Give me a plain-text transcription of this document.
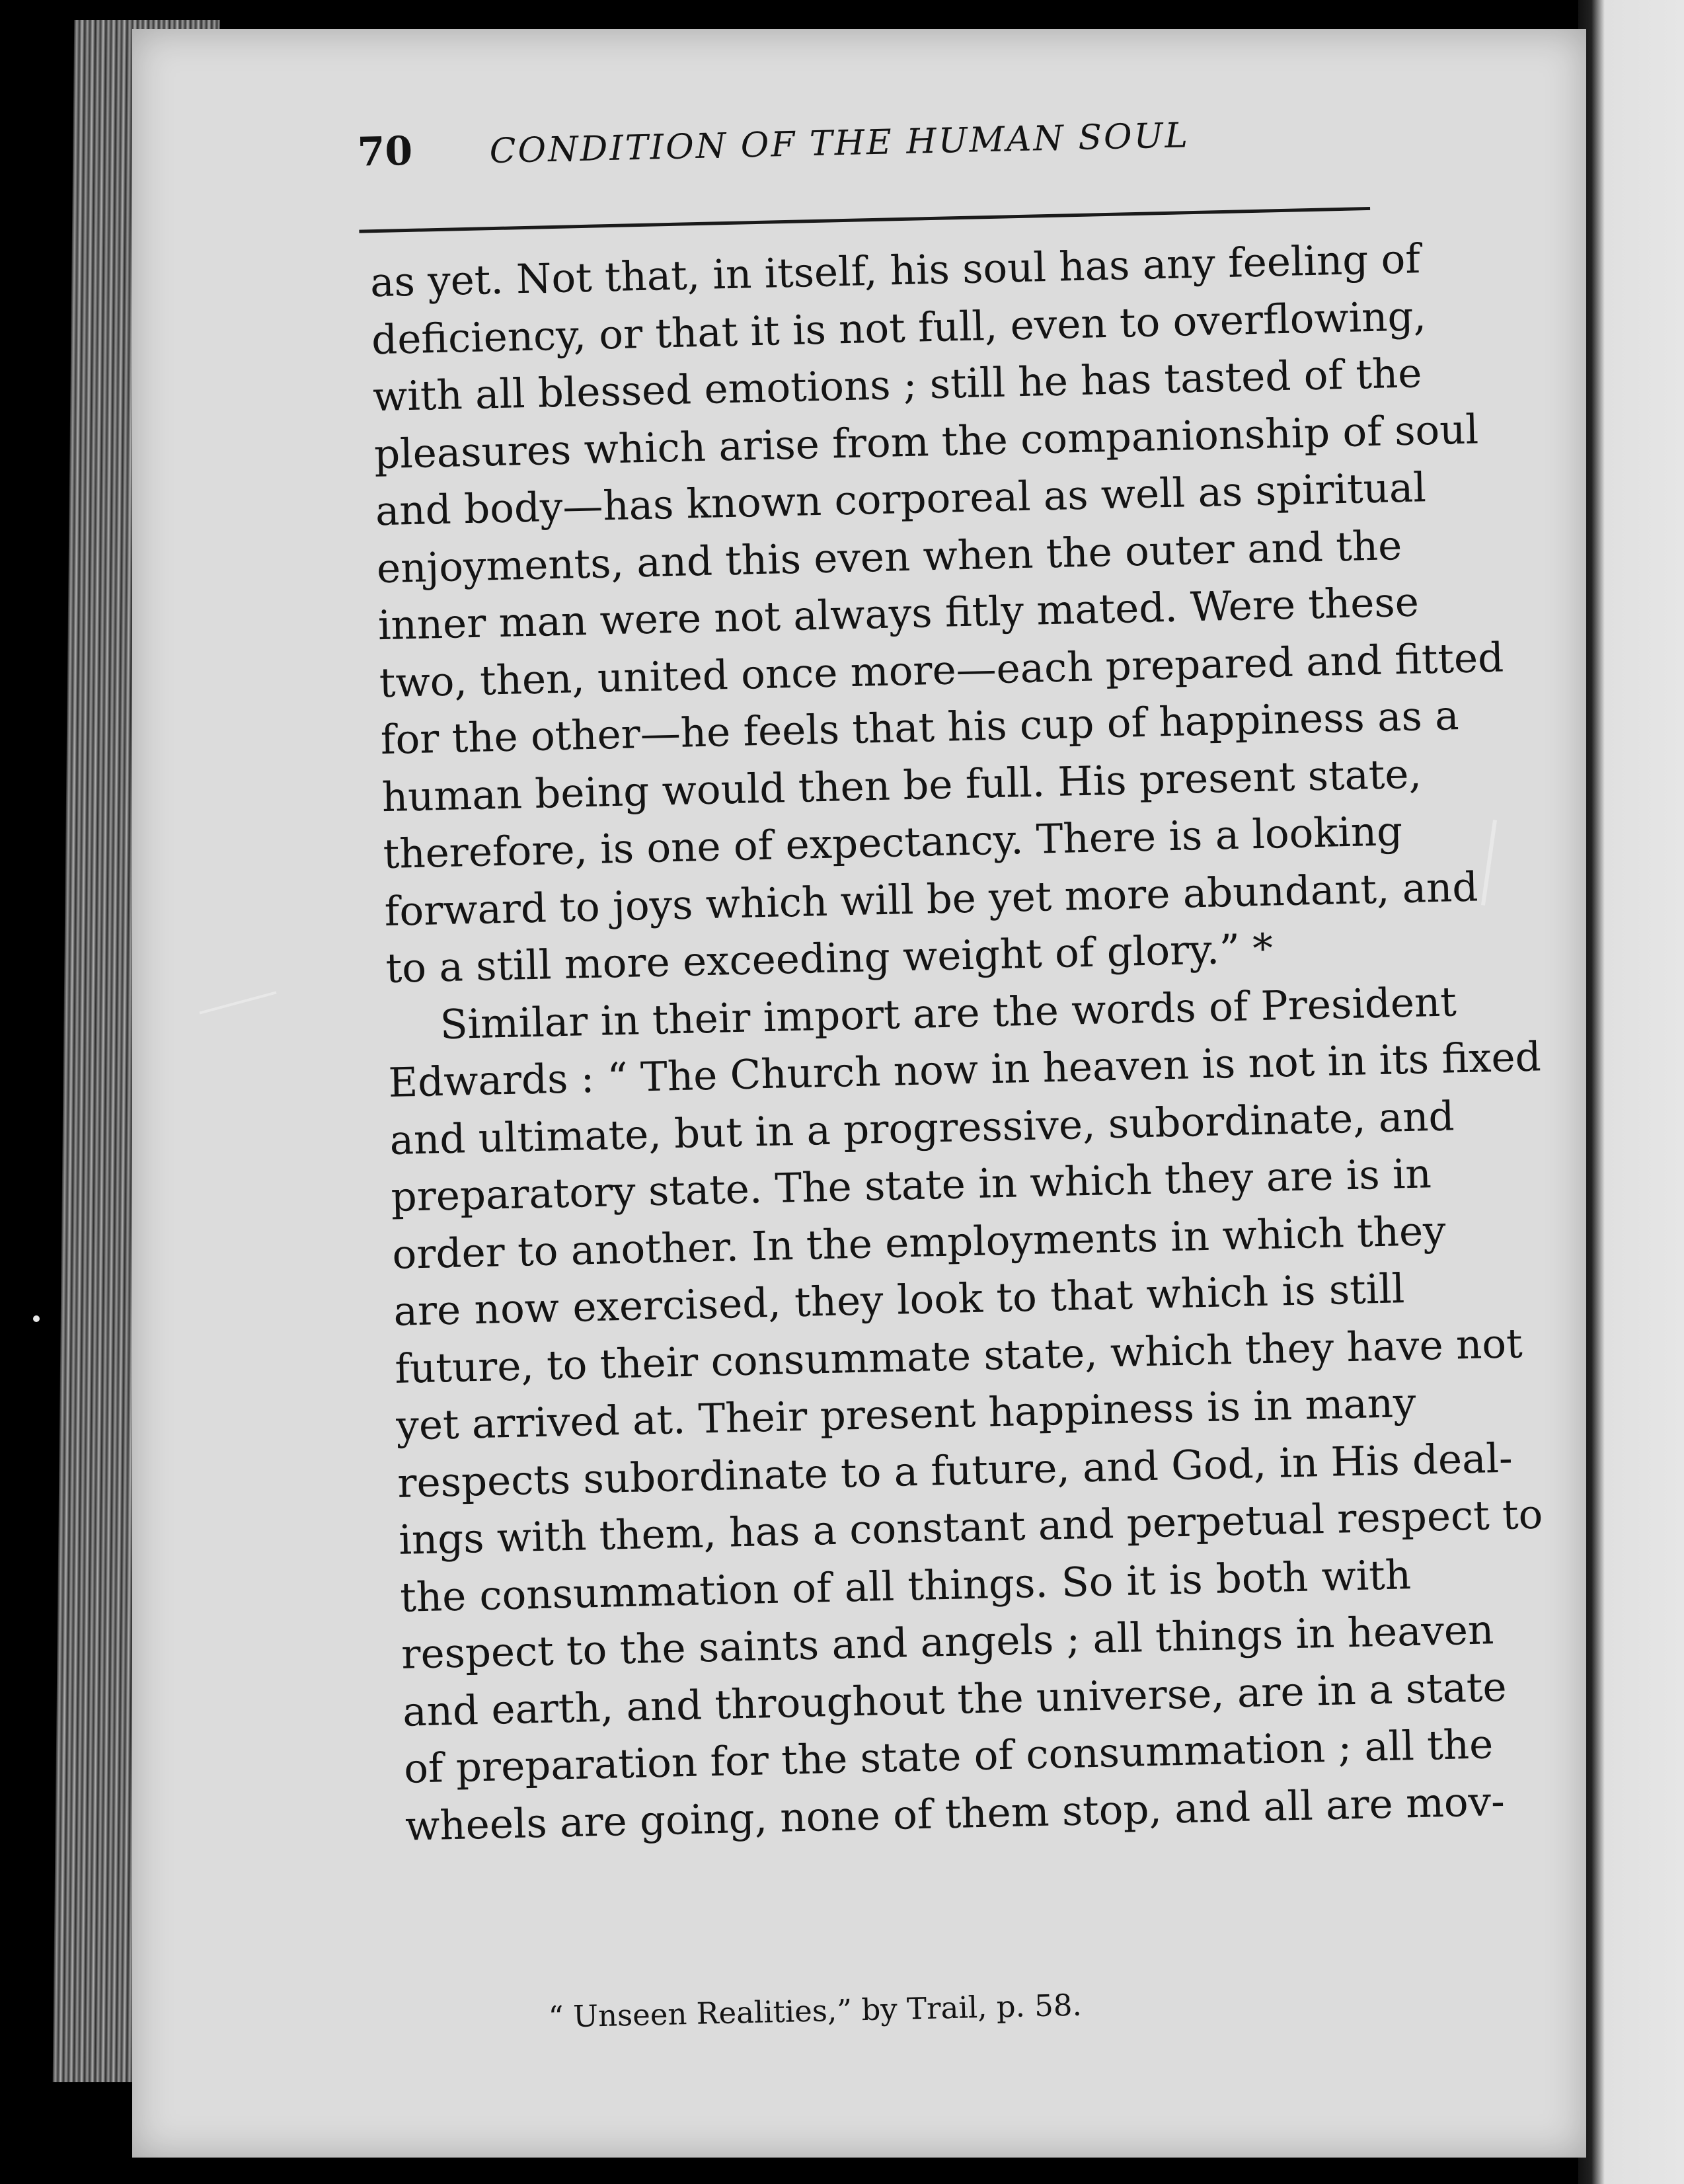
70	CONDITION OF THE HUMAN SOUL
as yet. Not that, in itself, his soul has any feeling of
deficiency, or that it is not full, even to overflowing,
with all blessed emotions ; still he has tasted of the
pleasures which arise from the companionship of soul
and body—has known corporeal as well as spiritual
enjoyments, and this even when the outer and the
inner man were not always fitly mated. Were these
two, then, united once more—each prepared and fitted
for the other—he feels that his cup of happiness as a
human being would then be full. His present state,
therefore, is one of expectancy. There is a looking
forward to joys which will be yet more abundant, and
to a still more exceeding weight of glory.” *
Similar in their import are the words of President
Edwards : “ The Church now in heaven is not in its fixed
and ultimate, but in a progressive, subordinate, and
preparatory state. The state in which they are is in
order to another. In the employments in which they
are now exercised, they look to that which is still
future, to their consummate state, which they have not
yet arrived at. Their present happiness is in many
respects subordinate to a future, and God, in His deal-
ings with them, has a constant and perpetual respect to
the consummation of all things. So it is both with
respect to the saints and angels ; all things in heaven
and earth, and throughout the universe, are in a state
of preparation for the state of consummation ; all the
wheels are going, none of them stop, and all are mov-
“ Unseen Realities,” by Trail, p. 58.
